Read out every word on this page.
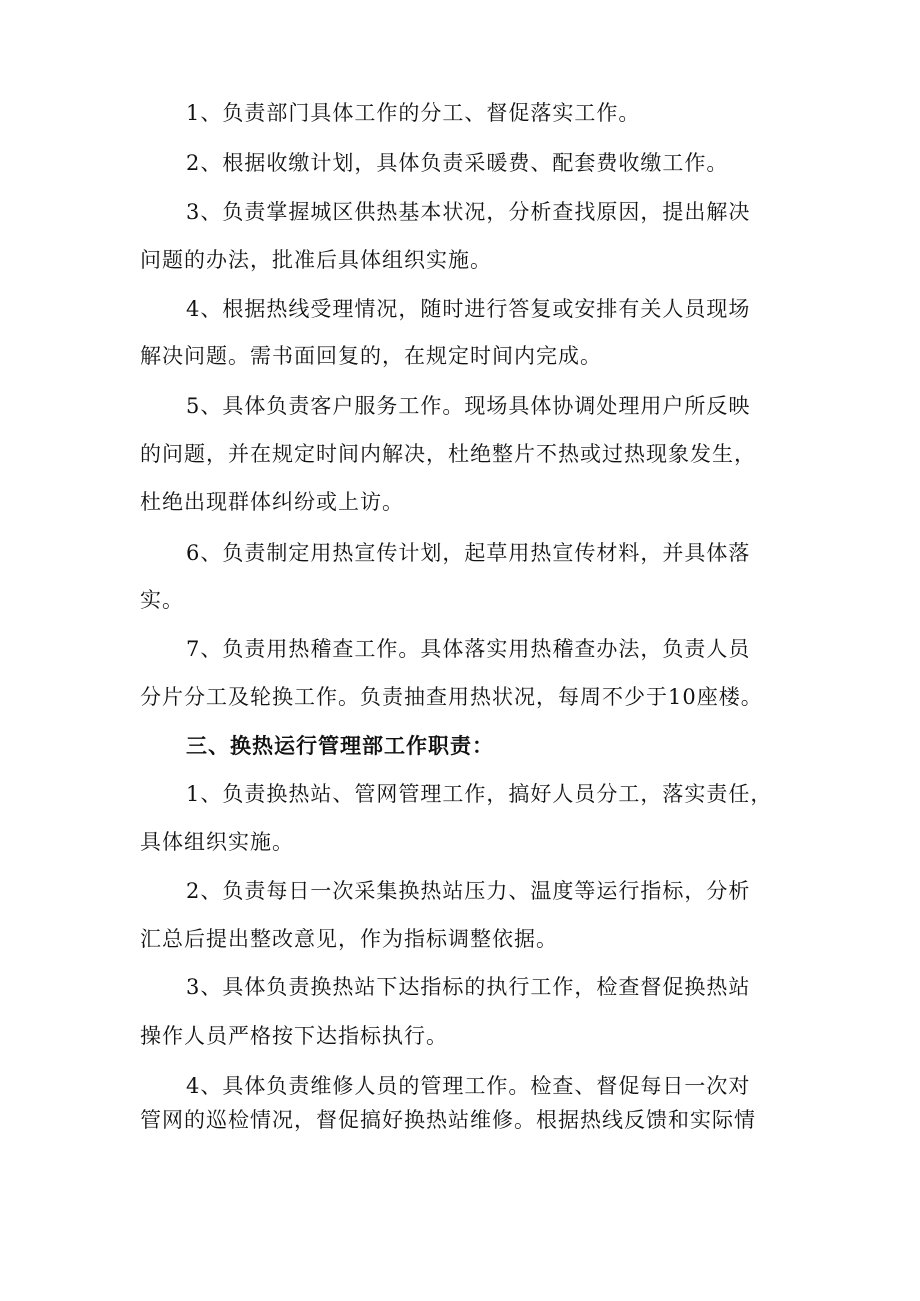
1、负责部门具体工作的分工、督促落实工作。
2、根据收缴计划，具体负责采暖费、配套费收缴工作。
3、负责掌握城区供热基本状况，分析查找原因，提出解决
问题的办法，批准后具体组织实施。
4、根据热线受理情况，随时进行答复或安排有关人员现场
解决问题。需书面回复的，在规定时间内完成。
5、具体负责客户服务工作。现场具体协调处理用户所反映
的问题，并在规定时间内解决，杜绝整片不热或过热现象发生，
杜绝出现群体纠纷或上访。
6、负责制定用热宣传计划，起草用热宣传材料，并具体落
实。
7、负责用热稽查工作。具体落实用热稽查办法，负责人员
分片分工及轮换工作。负责抽查用热状况，每周不少于10座楼。
三、换热运行管理部工作职责：
1、负责换热站、管网管理工作，搞好人员分工，落实责任，
具体组织实施。
2、负责每日一次采集换热站压力、温度等运行指标，分析
汇总后提出整改意见，作为指标调整依据。
3、具体负责换热站下达指标的执行工作，检查督促换热站
操作人员严格按下达指标执行。
4、具体负责维修人员的管理工作。检查、督促每日一次对
管网的巡检情况，督促搞好换热站维修。根据热线反馈和实际情
